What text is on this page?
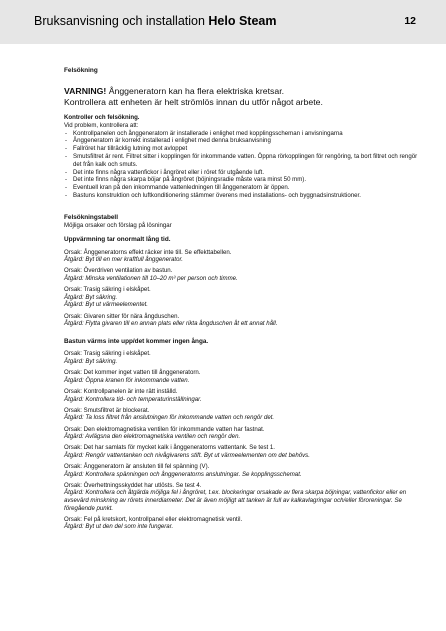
Bruksanvisning och installation Helo Steam	12

Felsökning

VARNING! Ånggeneratorn kan ha flera elektriska kretsar.
Kontrollera att enheten är helt strömlös innan du utför något arbete.

Kontroller och felsökning.

Vid problem, kontrollera att:

- Kontrollpanelen och ånggeneratorn är installerade i enlighet med kopplingsscheman i anvisningarna
- Ånggeneratorn är korrekt installerad i enlighet med denna bruksanvisning
- Fallröret har tillräcklig lutning mot avloppet
- Smutsfiltret är rent. Filtret sitter i kopplingen för inkommande vatten. Öppna rörkopplingen för rengöring, ta bort filtret och rengör det från kalk och smuts.
- Det inte finns några vattenfickor i ångröret eller i röret för utgående luft.
- Det inte finns några skarpa böjar på ångröret (böjningsradie måste vara minst 50 mm).
- Eventuell kran på den inkommande vattenledningen till ånggeneratorn är öppen.
- Bastuns konstruktion och luftkonditionering stämmer överens med installations- och byggnadsinstruktioner.

Felsökningstabell

Möjliga orsaker och förslag på lösningar

Uppvärmning tar onormalt lång tid.

Orsak: Ånggeneratorns effekt räcker inte till. Se effekttabellen.
Åtgärd: Byt till en mer kraftfull ånggenerator.
Orsak: Överdriven ventilation av bastun.
Åtgärd: Minska ventilationen till 10–20 m³ per person och timme.
Orsak: Trasig säkring i elskåpet.
Åtgärd: Byt säkring.
Åtgärd: Byt ut värmeelementet.
Orsak: Givaren sitter för nära ångduschen.
Åtgärd: Flytta givaren till en annan plats eller rikta ångduschen åt ett annat håll.

Bastun värms inte upp/det kommer ingen ånga.

Orsak: Trasig säkring i elskåpet.
Åtgärd: Byt säkring.
Orsak: Det kommer inget vatten till ånggeneratorn.
Åtgärd: Öppna kranen för inkommande vatten.
Orsak: Kontrollpanelen är inte rätt inställd.
Åtgärd: Kontrollera tid- och temperaturinställningar.
Orsak: Smutsfiltret är blockerat.
Åtgärd: Ta loss filtret från anslutningen för inkommande vatten och rengör det.
Orsak: Den elektromagnetiska ventilen för inkommande vatten har fastnat.
Åtgärd: Avlägsna den elektromagnetiska ventilen och rengör den.
Orsak: Det har samlats för mycket kalk i ånggeneratorns vattentank. Se test 1.
Åtgärd: Rengör vattentanken och nivågivarens stift. Byt ut värmeelementen om det behövs.
Orsak: Ånggeneratorn är ansluten till fel spänning (V).
Åtgärd: Kontrollera spänningen och ånggeneratorns anslutningar. Se kopplingsschemat.
Orsak: Överhettningsskyddet har utlösts. Se test 4.
Åtgärd: Kontrollera och åtgärda möjliga fel i ångröret, t.ex. blockeringar orsakade av flera skarpa böjningar, vattenfickor eller en avsevärd minskning av rörets innerdiameter. Det är även möjligt att tanken är full av kalkavlagringar och/eller föroreningar. Se föregående punkt.
Orsak: Fel på kretskort, kontrollpanel eller elektromagnetisk ventil.
Åtgärd: Byt ut den del som inte fungerar.
